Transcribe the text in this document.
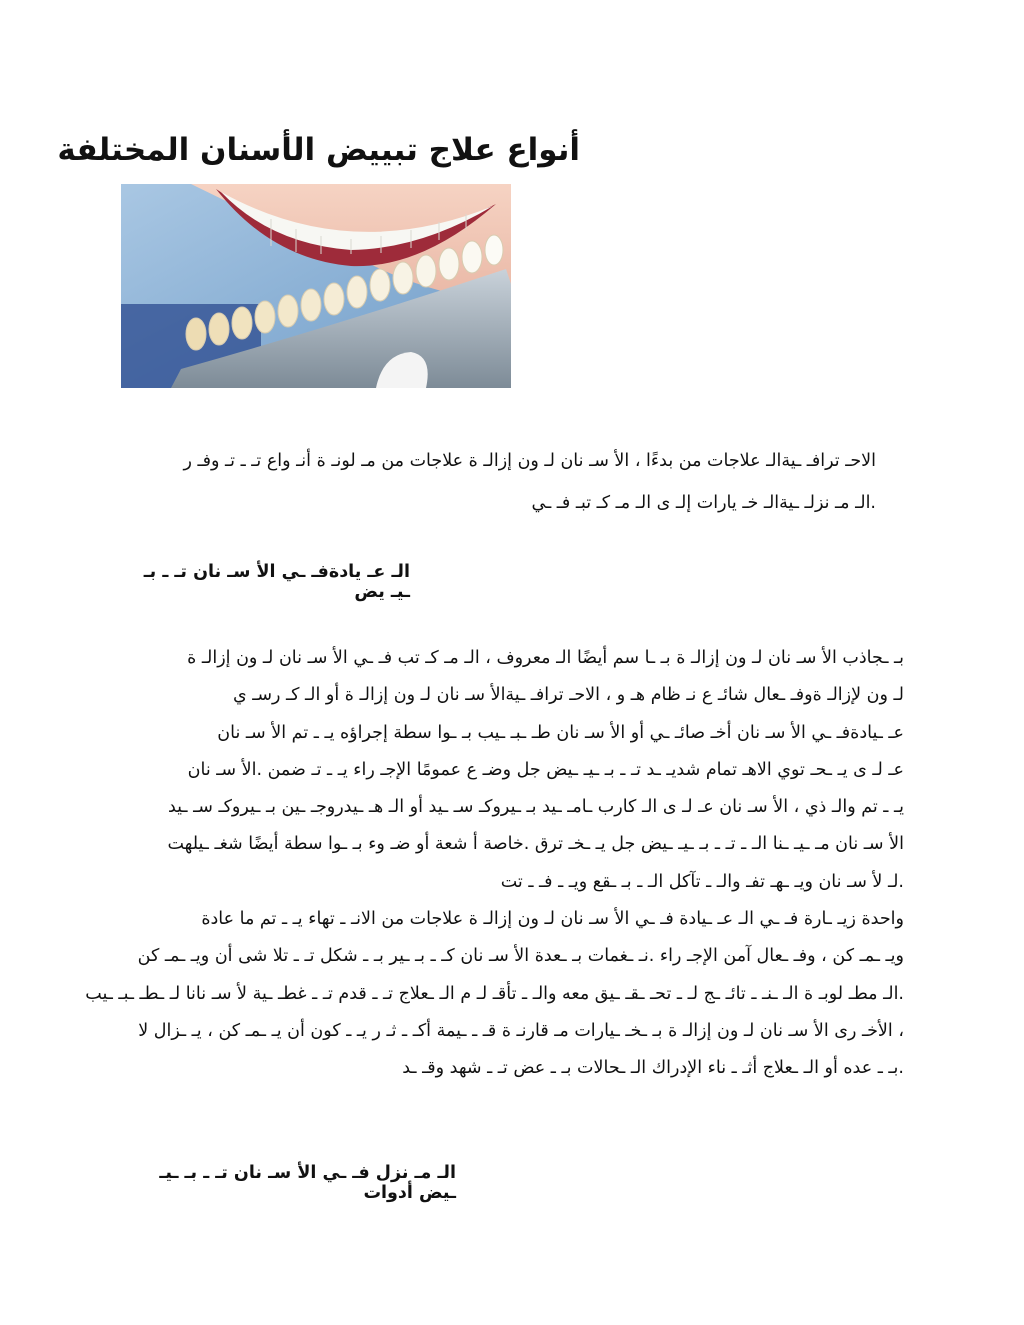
أنواع علاج تبييض الأسنان المختلفة
الاحـ ترافـ ـيةالـ علاجات من بدءًا ، الأ سـ نان لـ ون إزالـ ة علاجات من مـ لونـ ة أنـ واع تـ ـ تـ وفـ ر
.الـ مـ نزلـ ـيةالـ خـ يارات إلـ ى الـ مـ كـ تبـ فـ ـي
الـ عـ يادةفـ ـي الأ سـ نان تـ ـ بـ ـيـ يض
بـ ـجاذب الأ سـ نان لـ ون إزالـ ة بـ ـا سم أيضًا الـ معروف ، الـ مـ كـ تب فـ ـي الأ سـ نان لـ ون إزالـ ة
لـ ون لإزالـ ةوفـ ـعال شائـ ع نـ ظام هـ و ، الاحـ ترافـ ـيةالأ سـ نان لـ ون إزالـ ة أو الـ كـ رسـ ي
عـ ـيادةفـ ـي الأ سـ نان أخـ صائـ ـي أو الأ سـ نان طـ ـبـ ـيب بـ ـوا سطة إجراؤه يـ ـ تم الأ سـ نان
عـ لـ ى يـ ـحـ توي الاهـ تمام شديـ ـد تـ ـ بـ ـيـ ـيض جل وضـ ع عمومًا الإجـ راء يـ ـ تـ ضمن .الأ سـ نان
يـ ـ تم والـ ذي ، الأ سـ نان عـ لـ ى الـ كارب ـامـ ـيد بـ ـيروكـ سـ ـيد أو الـ هـ ـيدروجـ ـين بـ ـيروكـ سـ ـيد
الأ سـ نان مـ ـيـ ـنا الـ ـ تـ ـ بـ ـيـ ـيض جل يـ ـخـ ترق .خاصة أ شعة أو ضـ وء بـ ـوا سطة أيضًا شغـ ـيلهت
.لـ لأ سـ نان ويـ ـهـ تفـ والـ ـ تآكل الـ ـ بـ ـقع ويـ ـ فـ ـ تت
واحدة زيـ ـارة فـ ـي الـ عـ ـيادة فـ ـي الأ سـ نان لـ ون إزالـ ة علاجات من الانـ ـ تهاء يـ ـ تم ما عادة
ويـ ـمـ كن ، وفـ ـعال آمن الإجـ راء .نـ ـغمات بـ ـعدة الأ سـ نان كـ ـ بـ ـير بـ ـ شكل تـ ـ تلا شى أن ويـ ـمـ كن
.الـ مطـ لوبـ ة الـ ـنـ ـ تائـ ـج لـ ـ تحـ ـقـ ـيق معه والـ ـ تأقـ لـ م الـ ـعلاج تـ ـ قدم تـ ـ غطـ ـية لأ سـ نانا لـ ـطـ ـبـ ـيب
، الأخـ رى الأ سـ نان لـ ون إزالـ ة بـ ـخـ ـيارات مـ قارنـ ة قـ ـ ـيمة أكـ ـ ثـ ر يـ ـ كون أن يـ ـمـ كن ، يـ ـزال لا
.بـ ـ عده أو الـ ـعلاج أثـ ـ ناء الإدراك الـ ـحالات بـ ـ عض تـ ـ شهد وقـ ـد
الـ مـ نزل فـ ـي الأ سـ نان تـ ـ بـ ـيـ ـيض أدوات
